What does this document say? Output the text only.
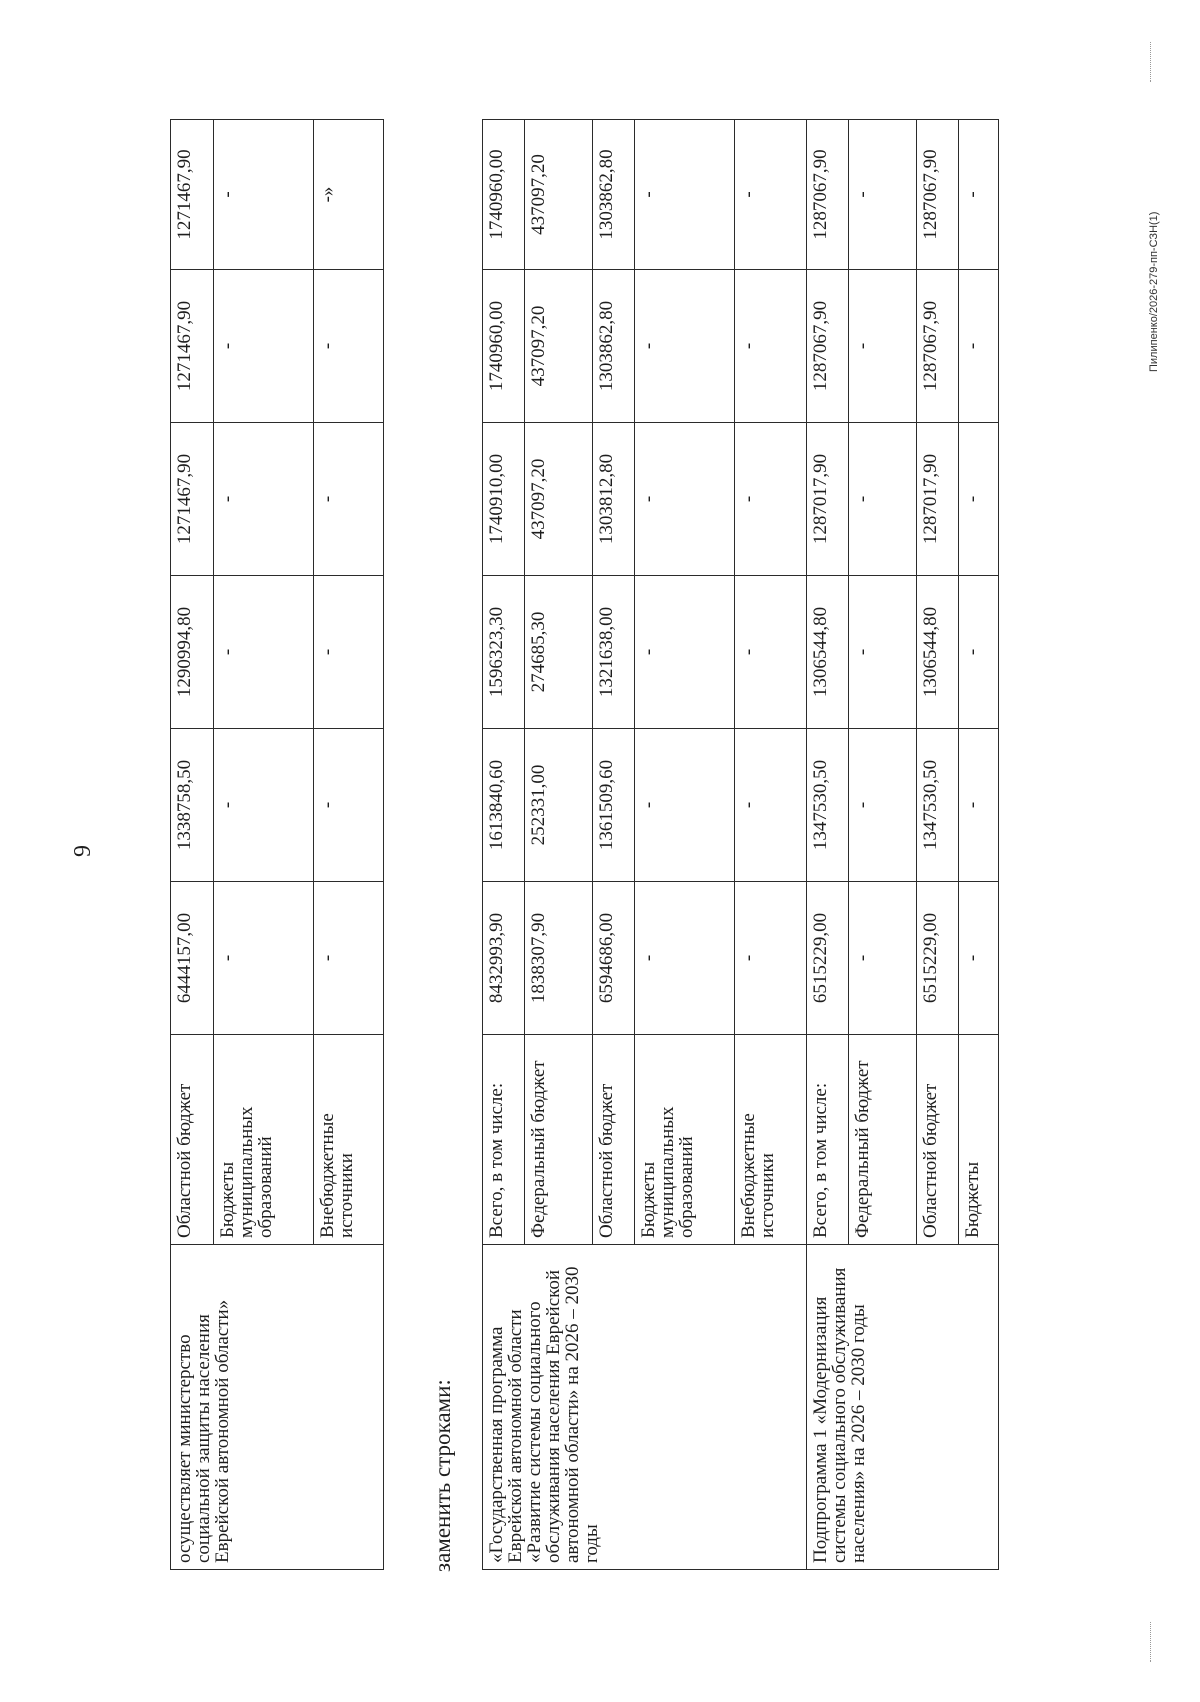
9
осуществляет министерство социальной защиты населения Еврейской автономной области»	Областной бюджет	6444157,00	1338758,50	1290994,80	1271467,90	1271467,90	1271467,90
	Бюджеты муниципальных образований	-	-	-	-	-	-
	Внебюджетные источники	-	-	-	-	-	-»
заменить строками: «Государственная программа Еврейской автономной области «Развитие системы социального обслуживания населения Еврейской автономной области» на 2026 – 2030 годы	Всего, в том числе:	8432993,90	1613840,60	1596323,30	1740910,00	1740960,00	1740960,00
	Федеральный бюджет	1838307,90	252331,00	274685,30	437097,20	437097,20	437097,20
	Областной бюджет	6594686,00	1361509,60	1321638,00	1303812,80	1303862,80	1303862,80
	Бюджеты муниципальных образований	-	-	-	-	-	-
	Внебюджетные источники	-	-	-	-	-	-
Подпрограмма 1 «Модернизация системы социального обслуживания населения» на 2026 – 2030 годы	Всего, в том числе:	6515229,00	1347530,50	1306544,80	1287017,90	1287067,90	1287067,90
	Федеральный бюджет	-	-	-	-	-	-
	Областной бюджет	6515229,00	1347530,50	1306544,80	1287017,90	1287067,90	1287067,90
	Бюджеты	-	-	-	-	-	-
Пилипенко/2026-279-пп-СЗН(1)
